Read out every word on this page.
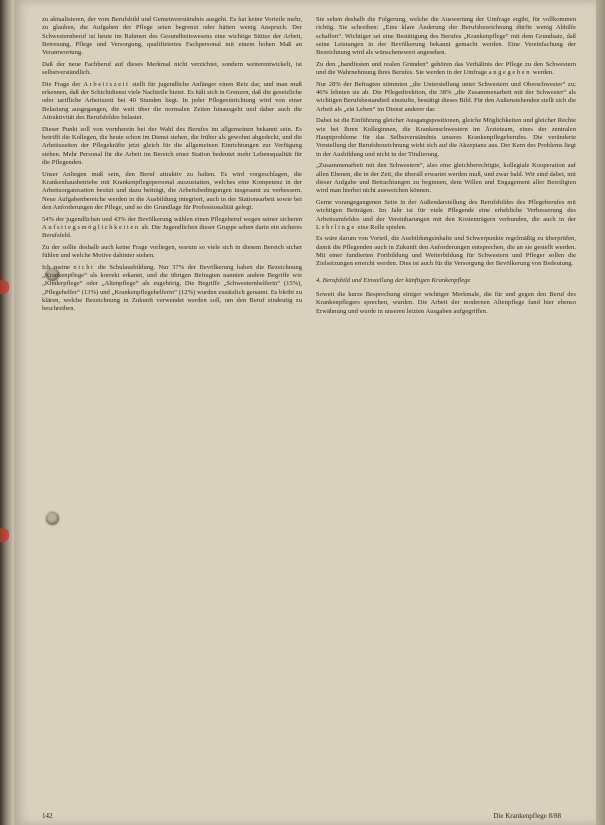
zu aktualisieren, der vom Berufsbild und Gemeinverständnis ausgeht. Es hat keine Vorteile mehr, zu glauben, die Aufgaben der Pflege seien begrenzt oder hätten wenig Anspruch. Der Schwesternberuf ist heute im Rahmen des Gesundheitswesens eine wichtige Stütze der Arbeit, Betreuung, Pflege und Versorgung, qualifiziertes Fachpersonal mit einem hohen Maß an Verantwortung.

Daß der neue Fachberuf auf dieses Merkmal nicht verzichtet, sondern weiterentwickelt, ist selbstverständlich.

Die Frage der Arbeitszeit stellt für jugendliche Anfänger einen Reiz dar, und man muß erkennen, daß der Schichtdienst viele Nachteile bietet. Es hält sich in Grenzen, daß die gesetzliche oder tarifliche Arbeitszeit bei 40 Stunden liegt. In jeder Pflegeeinrichtung wird von einer Belastung ausgegangen, die weit über die normalen Zeiten hinausgeht und daher auch die Attraktivität des Berufsfeldes belastet.

Dieser Punkt soll von vornherein bei der Wahl des Berufes im allgemeinen bekannt sein. Es betrifft die Kollegen, die heute schon im Dienst stehen, die früher als gewohnt abgedeckt, und die Arbeitszeiten der Pflegekräfte jetzt gleich für die allgemeinen Einrichtungen zur Verfügung stehen. Mehr Personal für die Arbeit im Bereich einer Station bedeutet mehr Lebensqualität für die Pflegenden.

Unser Anliegen muß sein, den Beruf attraktiv zu halten. Es wird vorgeschlagen, die Krankenhausbetriebe mit Krankenpflegepersonal auszustatten, welches eine Kompetenz in der Arbeitsorganisation besitzt und dazu beiträgt, die Arbeitsbedingungen insgesamt zu verbessern. Neue Aufgabenbereiche werden in die Ausbildung integriert, auch in der Stationsarbeit sowie bei den Anforderungen der Pflege, und so die Grundlage für Professionalität gelegt.

54% der jugendlichen und 43% der Bevölkerung wählen einen Pflegeberuf wegen seiner sicheren Aufstiegsmöglichkeiten ab. Die Jugendlichen dieser Gruppe sehen darin ein sicheres Berufsfeld.

Zu der sollte deshalb auch keine Frage vorliegen, warum so viele sich in diesem Bereich sicher fühlen und welche Motive dahinter stehen.

Ich meine nicht die Schulausbildung. Nur 37% der Bevölkerung haben die Bezeichnung „Krankenpflege“ als korrekt erkannt, und die übrigen Befragten nannten andere Begriffe wie „Kinderpflege“ oder „Altenpflege“ als zugehörig. Die Begriffe „Schwesternhelferin“ (15%), „Pflegehelfer“ (13%) und „Krankenpflegehelferin“ (12%) wurden zusätzlich genannt. Es bleibt zu klären, welche Bezeichnung in Zukunft verwendet werden soll, um den Beruf eindeutig zu beschreiben.

Sie sehen deshalb die Folgerung, welche die Auswertung der Umfrage ergibt, für vollkommen richtig. Sie schreiben: „Eine klare Änderung der Berufsbezeichnung dürfte wenig Abhilfe schaffen“. Wichtiger sei eine Bestätigung des Berufes „Krankenpflege“ mit dem Grundsatz, daß seine Leistungen in der Bevölkerung bekannt gemacht werden. Eine Vereinfachung der Bezeichnung wird als wünschenswert angesehen.

Zu den „handfesten und realen Gründen“ gehören das Verhältnis der Pflege zu den Schwestern und die Wahrnehmung ihres Berufes. Sie werden in der Umfrage angegeben werden.

Nur 28% der Befragten stimmten „die Unterstellung unter Schwestern und Oberschwester“ zu; 46% lehnten sie ab. Die Pflegedirektion, die 38% „die Zusammenarbeit mit der Schwester“ als wichtigen Berufsbestandteil einstufte, bestätigt dieses Bild. Für den Außenstehenden stellt sich die Arbeit als „ein Leben“ im Dienst anderer dar.

Dabei ist die Einführung gleicher Ausgangspositionen, gleiche Möglichkeiten und gleicher Rechte wie bei Ihren Kolleginnen, die Krankenschwestern im Ärzteteam, eines der zentralen Hauptprobleme für das Selbstverständnis unseres Krankenpflegeberufes. Die veränderte Vorstellung der Berufsbezeichnung wirkt sich auf die Akzeptanz aus. Der Kern des Problems liegt in der Ausbildung und nicht in der Titulierung.

„Zusammenarbeit mit den Schwestern“, also eine gleichberechtigte, kollegiale Kooperation auf allen Ebenen, die in der Zeit, die überall erwartet werden muß, und zwar bald. Wir sind dabei, mit dieser Aufgabe und Betrachtungen zu beginnen, dem Willen und Engagement aller Beteiligten wird man hierbei nicht ausweichen können.

Gerne vorangegangenen Seite in der Außendarstellung des Berufsbildes des Pflegeberufes mit wichtigen Beiträgen. Im Jahr ist für viele Pflegende eine erhebliche Verbesserung des Arbeitsumfeldes und der Vereinbarungen mit den Kostenträgern verbunden, die auch in der Lehrlinge eine Rolle spielen.

Es wäre darum von Vorteil, die Ausbildungsinhalte und Schwerpunkte regelmäßig zu überprüfen, damit die Pflegenden auch in Zukunft den Anforderungen entsprechen, die an sie gestellt werden. Mit einer fundierten Fortbildung und Weiterbildung für Schwestern und Pfleger sollen die Zielsetzungen erreicht werden. Dies ist auch für die Versorgung der Bevölkerung von Bedeutung.

4. Berufsbild und Einstellung der künftigen Krankenpflege

Soweit die kurze Besprechung einiger wichtiger Merkmale, die für und gegen den Beruf des Krankenpflegers sprechen, wurden. Die Arbeit der modernen Altenpflege fand hier ebenso Erwähnung und wurde in unseren letzten Ausgaben aufgegriffen.

142	Die Krankenpflege 8/88
